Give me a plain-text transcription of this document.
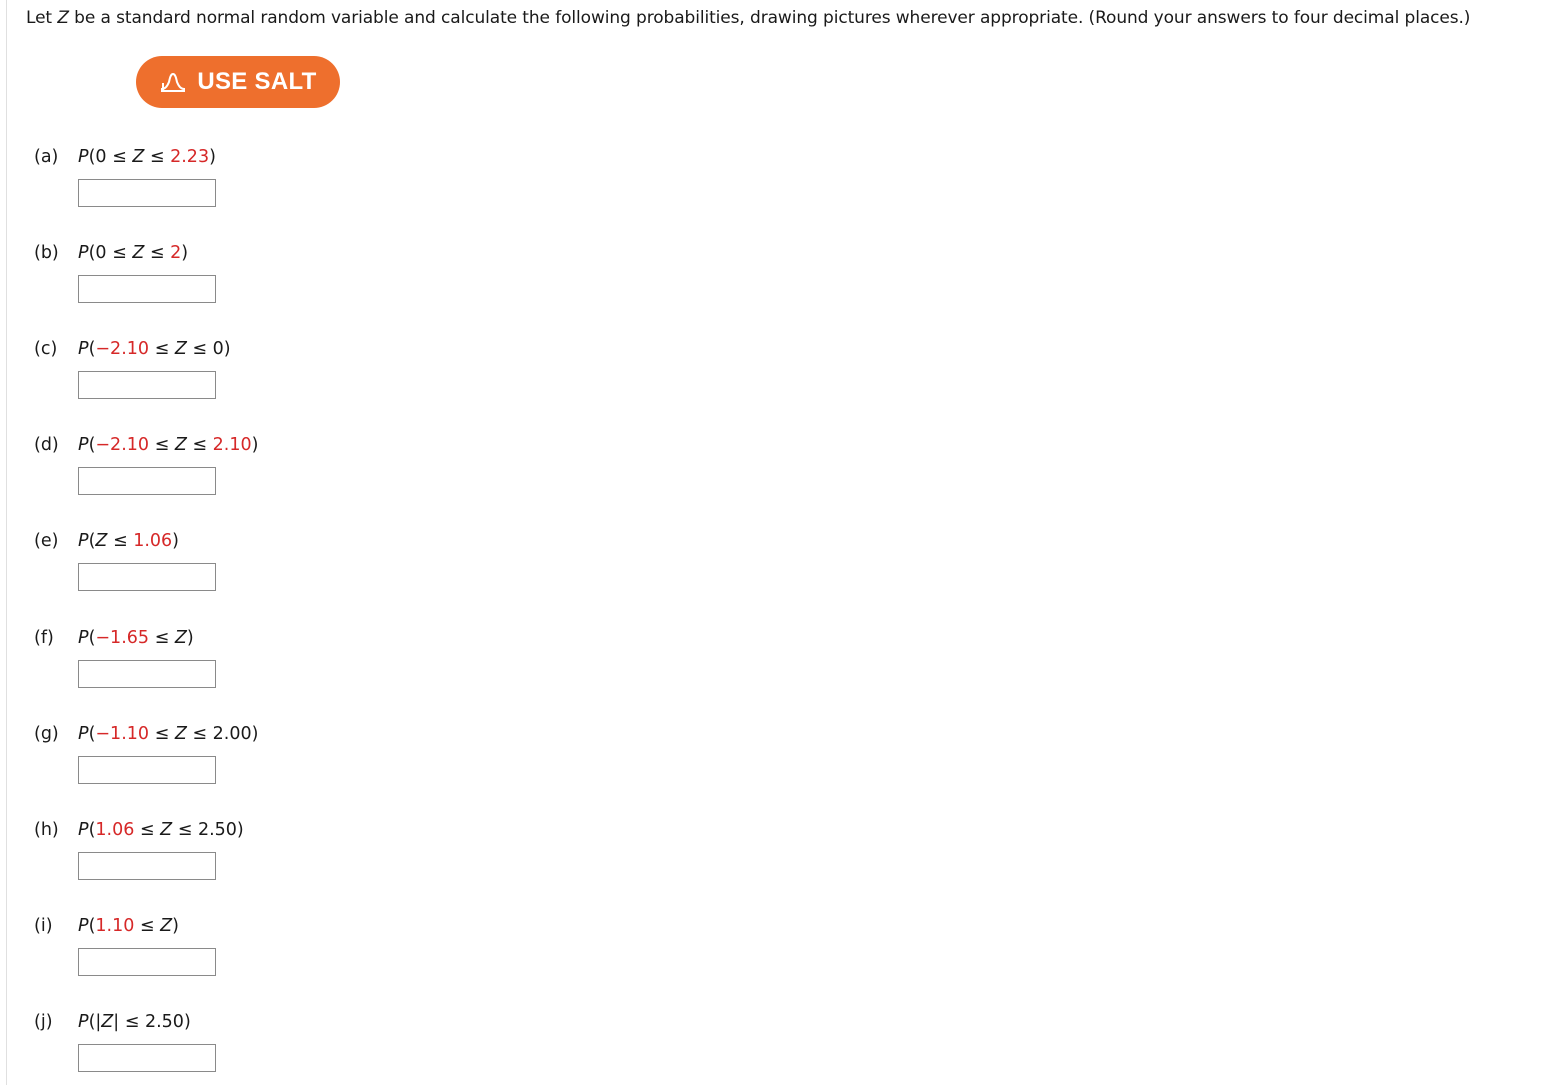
Let Z be a standard normal random variable and calculate the following probabilities, drawing pictures wherever appropriate. (Round your answers to four decimal places.)
USE SALT
(a) P(0 ≤ Z ≤ 2.23)
(b) P(0 ≤ Z ≤ 2)
(c) P(−2.10 ≤ Z ≤ 0)
(d) P(−2.10 ≤ Z ≤ 2.10)
(e) P(Z ≤ 1.06)
(f) P(−1.65 ≤ Z)
(g) P(−1.10 ≤ Z ≤ 2.00)
(h) P(1.06 ≤ Z ≤ 2.50)
(i) P(1.10 ≤ Z)
(j) P(|Z| ≤ 2.50)
